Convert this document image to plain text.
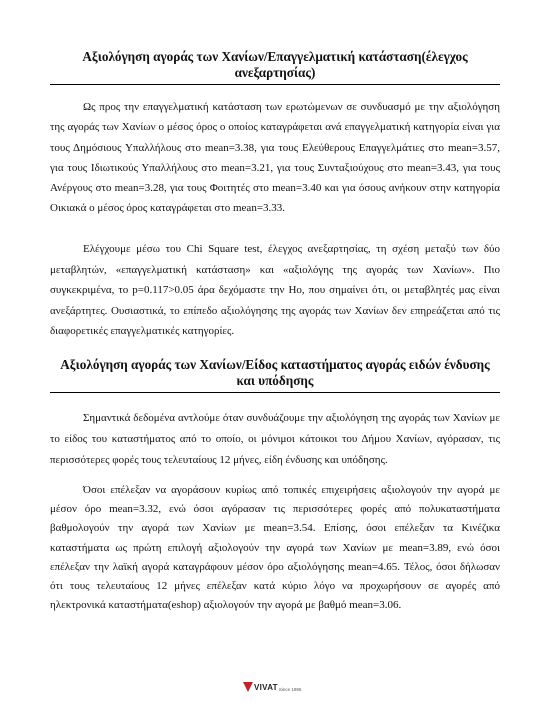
Αξιολόγηση αγοράς των Χανίων/Επαγγελματική κατάσταση(έλεγχος ανεξαρτησίας)

Ως προς την επαγγελματική κατάσταση των ερωτώμενων σε συνδυασμό με την αξιολόγηση της αγοράς των Χανίων ο μέσος όρος ο οποίος καταγράφεται ανά επαγγελματική κατηγορία είναι για τους Δημόσιους Υπαλλήλους στο mean=3.38, για τους Ελεύθερους Επαγγελμάτιες στο mean=3.57, για τους Ιδιωτικούς Υπαλλήλους στο mean=3.21, για τους Συνταξιούχους στο mean=3.43, για τους Ανέργους στο mean=3.28, για τους Φοιτητές στο mean=3.40 και για όσους ανήκουν στην κατηγορία Οικιακά ο μέσος όρος καταγράφεται στο mean=3.33.

Ελέγχουμε μέσω του Chi Square test, έλεγχος ανεξαρτησίας, τη σχέση μεταξύ των δύο μεταβλητών, «επαγγελματική κατάσταση» και «αξιολόγης της αγοράς των Χανίων». Πιο συγκεκριμένα, το p=0.117>0.05 άρα δεχόμαστε την Ho, που σημαίνει ότι, οι μεταβλητές μας είναι ανεξάρτητες. Ουσιαστικά, το επίπεδο αξιολόγησης της αγοράς των Χανίων δεν επηρεάζεται από τις διαφορετικές επαγγελματικές κατηγορίες.

Αξιολόγηση αγοράς των Χανίων/Είδος καταστήματος αγοράς ειδών ένδυσης και υπόδησης

Σημαντικά δεδομένα αντλούμε όταν συνδυάζουμε την αξιολόγηση της αγοράς των Χανίων με το είδος του καταστήματος από το οποίο, οι μόνιμοι κάτοικοι του Δήμου Χανίων, αγόρασαν, τις περισσότερες φορές τους τελευταίους 12 μήνες, είδη ένδυσης και υπόδησης.

Όσοι επέλεξαν να αγοράσουν κυρίως από τοπικές επιχειρήσεις αξιολογούν την αγορά με μέσον όρο mean=3.32, ενώ όσοι αγόρασαν τις περισσότερες φορές από πολυκαταστήματα βαθμολογούν την αγορά των Χανίων με mean=3.54. Επίσης, όσοι επέλεξαν τα Κινέζικα καταστήματα ως πρώτη επιλογή αξιολογούν την αγορά των Χανίων με mean=3.89, ενώ όσοι επέλεξαν την λαϊκή αγορά καταγράφουν μέσον όρο αξιολόγησης mean=4.65. Τέλος, όσοι δήλωσαν ότι τους τελευταίους 12 μήνες επέλεξαν κατά κύριο λόγο να προχωρήσουν σε αγορές από ηλεκτρονικά καταστήματα(eshop) αξιολογούν την αγορά με βαθμό mean=3.06.

VIVAT Since 1996
